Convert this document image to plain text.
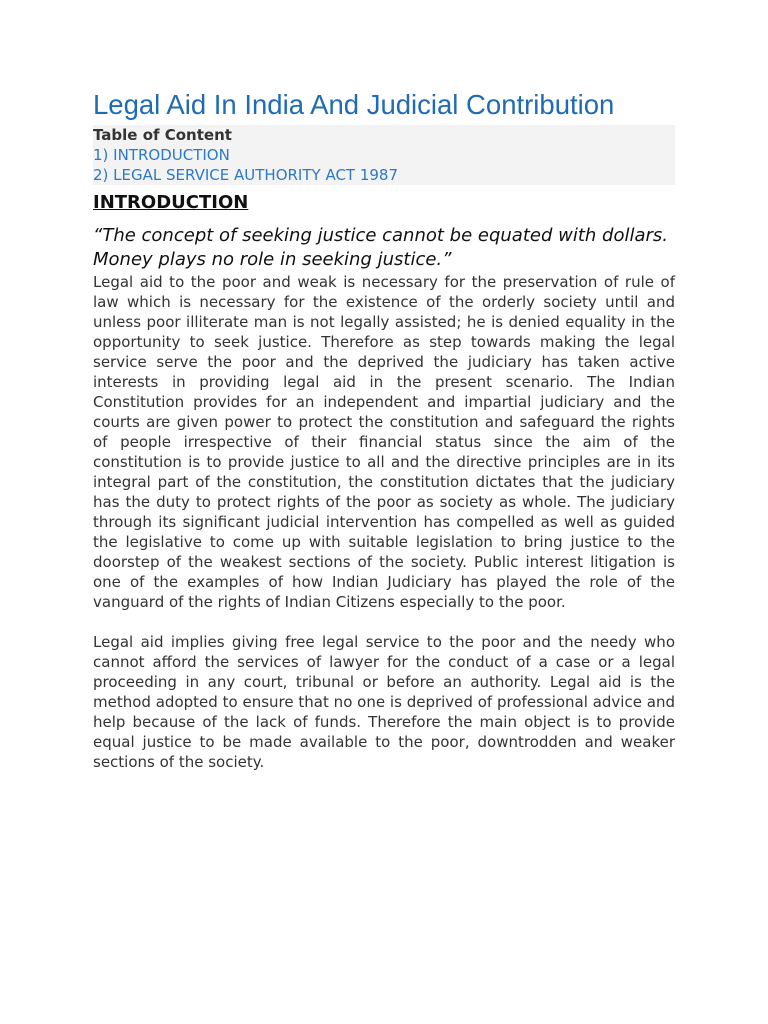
Legal Aid In India And Judicial Contribution
Table of Content
1) INTRODUCTION
2) LEGAL SERVICE AUTHORITY ACT 1987
INTRODUCTION

“The concept of seeking justice cannot be equated with dollars. Money plays no role in seeking justice.”

Legal aid to the poor and weak is necessary for the preservation of rule of law which is necessary for the existence of the orderly society until and unless poor illiterate man is not legally assisted; he is denied equality in the opportunity to seek justice. Therefore as step towards making the legal service serve the poor and the deprived the judiciary has taken active interests in providing legal aid in the present scenario. The Indian Constitution provides for an independent and impartial judiciary and the courts are given power to protect the constitution and safeguard the rights of people irrespective of their financial status since the aim of the constitution is to provide justice to all and the directive principles are in its integral part of the constitution, the constitution dictates that the judiciary has the duty to protect rights of the poor as society as whole. The judiciary through its significant judicial intervention has compelled as well as guided the legislative to come up with suitable legislation to bring justice to the doorstep of the weakest sections of the society. Public interest litigation is one of the examples of how Indian Judiciary has played the role of the vanguard of the rights of Indian Citizens especially to the poor.

Legal aid implies giving free legal service to the poor and the needy who cannot afford the services of lawyer for the conduct of a case or a legal proceeding in any court, tribunal or before an authority. Legal aid is the method adopted to ensure that no one is deprived of professional advice and help because of the lack of funds. Therefore the main object is to provide equal justice to be made available to the poor, downtrodden and weaker sections of the society.
